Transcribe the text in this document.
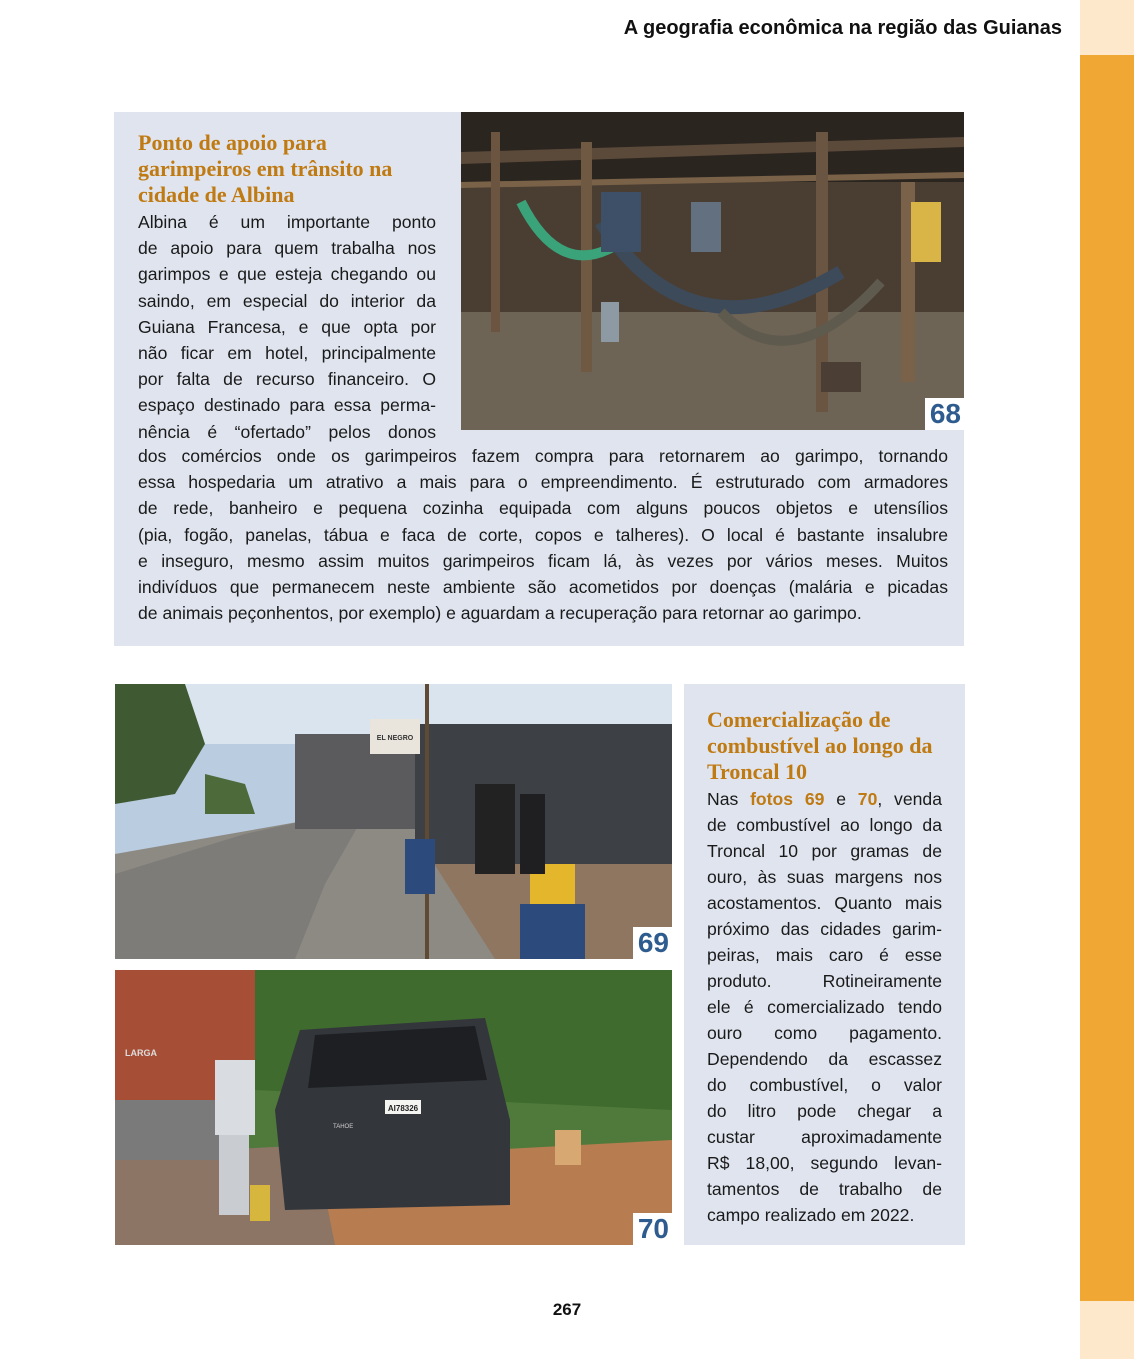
A geografia econômica na região das Guianas
Ponto de apoio para garimpeiros em trânsito na cidade de Albina
Albina é um importante ponto
de apoio para quem trabalha nos
garimpos e que esteja chegando ou
saindo, em especial do interior da
Guiana Francesa, e que opta por
não ficar em hotel, principalmente
por falta de recurso financeiro. O
espaço destinado para essa perma-
nência é “ofertado” pelos donos
dos comércios onde os garimpeiros fazem compra para retornarem ao garimpo, tornando
essa hospedaria um atrativo a mais para o empreendimento. É estruturado com armadores
de rede, banheiro e pequena cozinha equipada com alguns poucos objetos e utensílios
(pia, fogão, panelas, tábua e faca de corte, copos e talheres). O local é bastante insalubre
e inseguro, mesmo assim muitos garimpeiros ficam lá, às vezes por vários meses. Muitos
indivíduos que permanecem neste ambiente são acometidos por doenças (malária e picadas
de animais peçonhentos, por exemplo) e aguardam a recuperação para retornar ao garimpo.
68
EL NEGRO
69
LARGA
AI78326
TAHOE
70
Comercialização de combustível ao longo da Troncal 10
Nas fotos 69 e 70, venda
de combustível ao longo da
Troncal 10 por gramas de
ouro, às suas margens nos
acostamentos. Quanto mais
próximo das cidades garim-
peiras, mais caro é esse
produto. Rotineiramente
ele é comercializado tendo
ouro como pagamento.
Dependendo da escassez
do combustível, o valor
do litro pode chegar a
custar aproximadamente
R$ 18,00, segundo levan-
tamentos de trabalho de
campo realizado em 2022.
267
